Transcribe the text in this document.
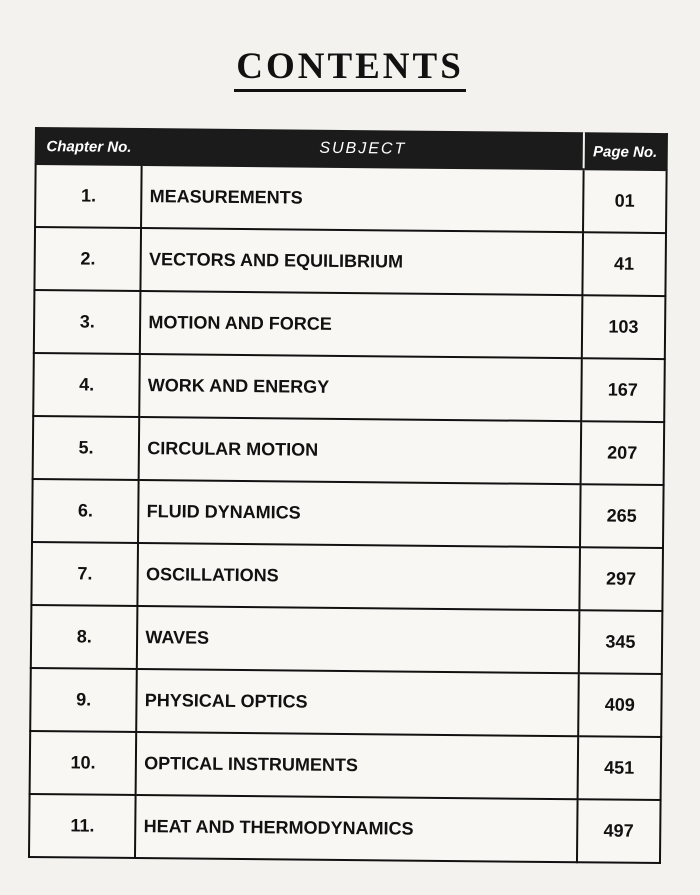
CONTENTS
Chapter No.	SUBJECT	Page No.
1.	MEASUREMENTS	01
2.	VECTORS AND EQUILIBRIUM	41
3.	MOTION AND FORCE	103
4.	WORK AND ENERGY	167
5.	CIRCULAR MOTION	207
6.	FLUID DYNAMICS	265
7.	OSCILLATIONS	297
8.	WAVES	345
9.	PHYSICAL OPTICS	409
10.	OPTICAL INSTRUMENTS	451
11.	HEAT AND THERMODYNAMICS	497
